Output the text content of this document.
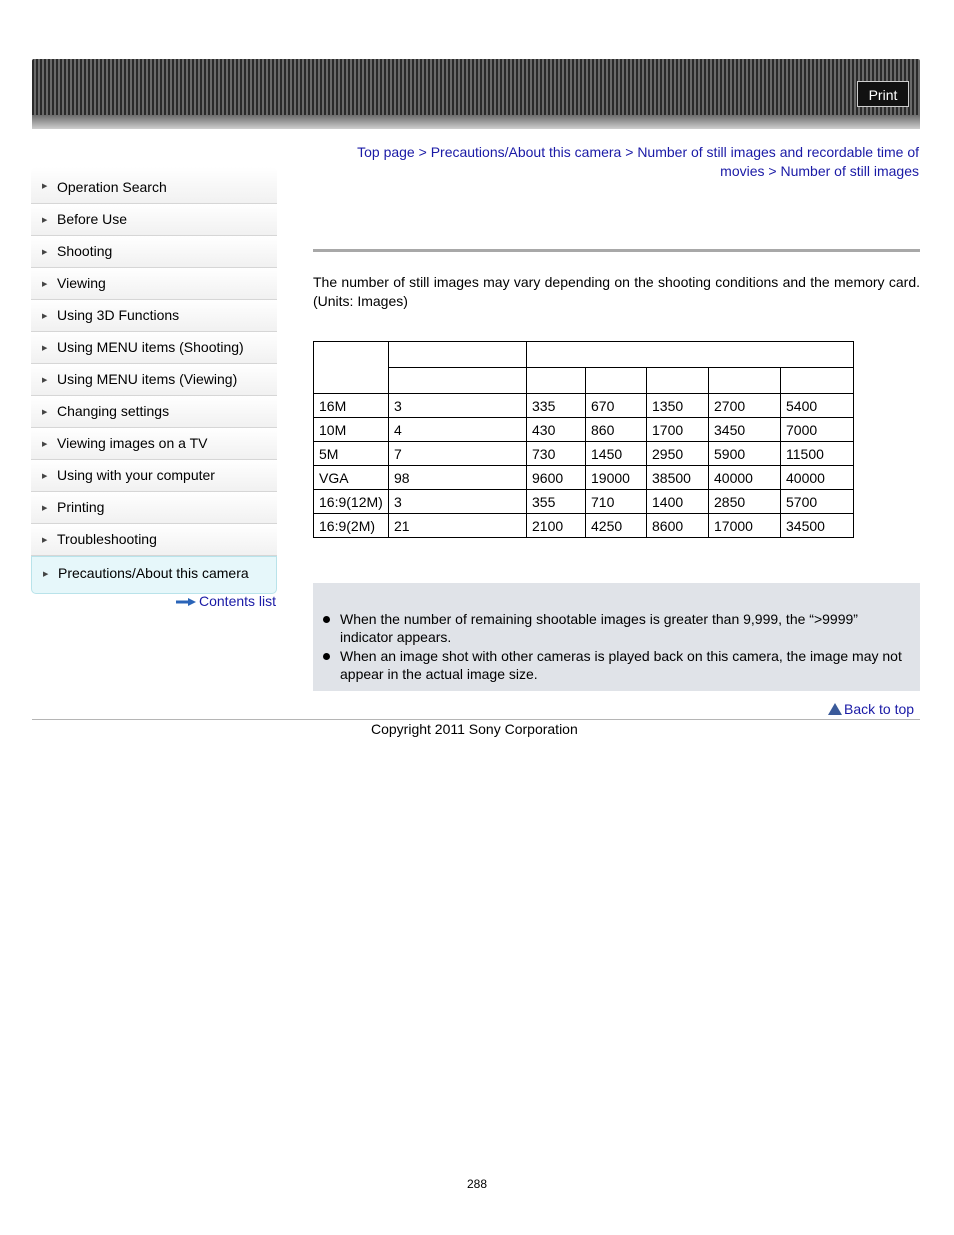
Print
▶ Operation Search
▶ Before Use
▶ Shooting
▶ Viewing
▶ Using 3D Functions
▶ Using MENU items (Shooting)
▶ Using MENU items (Viewing)
▶ Changing settings
▶ Viewing images on a TV
▶ Using with your computer
▶ Printing
▶ Troubleshooting
▶ Precautions/About this camera
Contents list
Top page > Precautions/About this camera > Number of still images and recordable time of movies > Number of still images
The number of still images may vary depending on the shooting conditions and the memory card. (Units: Images)

16M	3	335	670	1350	2700	5400
10M	4	430	860	1700	3450	7000
5M	7	730	1450	2950	5900	11500
VGA	98	9600	19000	38500	40000	40000
16:9(12M)	3	355	710	1400	2850	5700
16:9(2M)	21	2100	4250	8600	17000	34500
When the number of remaining shootable images is greater than 9,999, the “>9999” indicator appears.
When an image shot with other cameras is played back on this camera, the image may not appear in the actual image size.
Back to top
Copyright 2011 Sony Corporation
288
